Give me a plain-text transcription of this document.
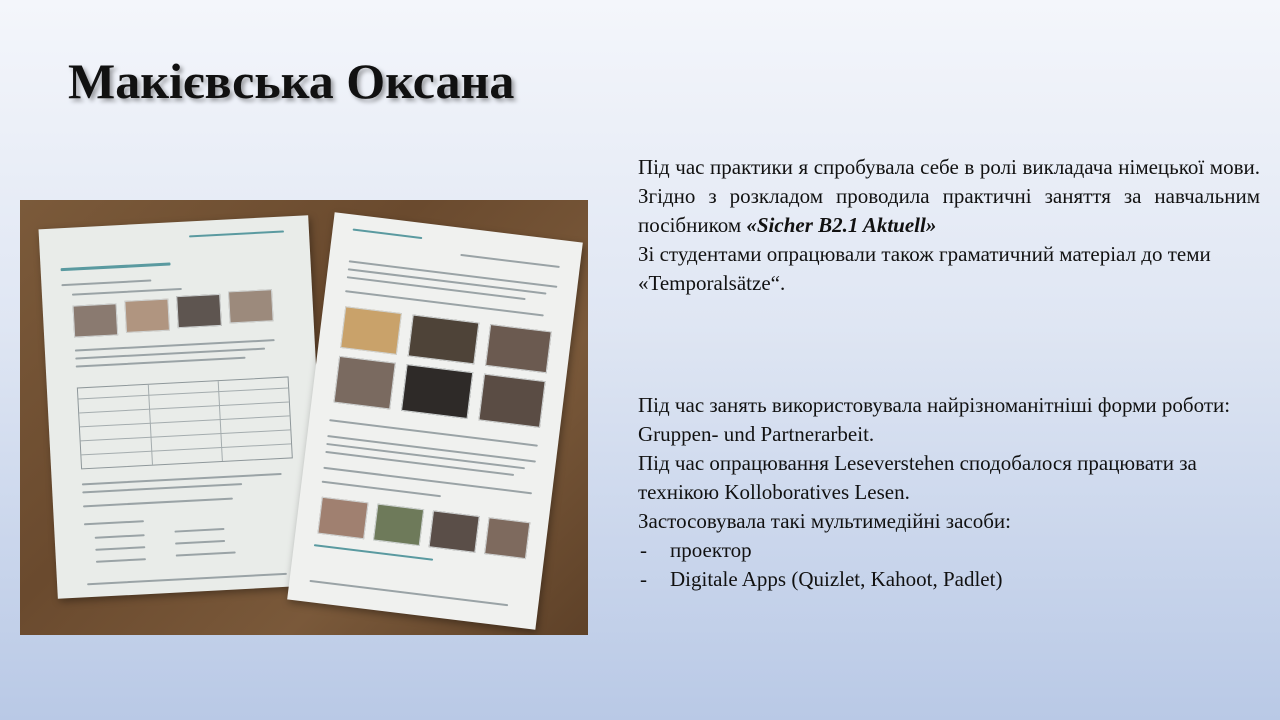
Макієвська Оксана

Під час практики я спробувала себе в ролі викладача німецької мови. Згідно з розкладом проводила практичні заняття за навчальним посібником «Sicher B2.1 Aktuell»

Зі студентами опрацювали також граматичний матеріал до теми «Temporalsätze“.

Під час занять використовувала найрізноманітніші форми роботи: Gruppen- und Partnerarbeit.

Під час опрацювання Leseverstehen сподобалося працювати за технікою Kolloboratives Lesen.

Застосовувала такі мультимедійні засоби:

- проектор
- Digitale Apps (Quizlet, Kahoot, Padlet)
